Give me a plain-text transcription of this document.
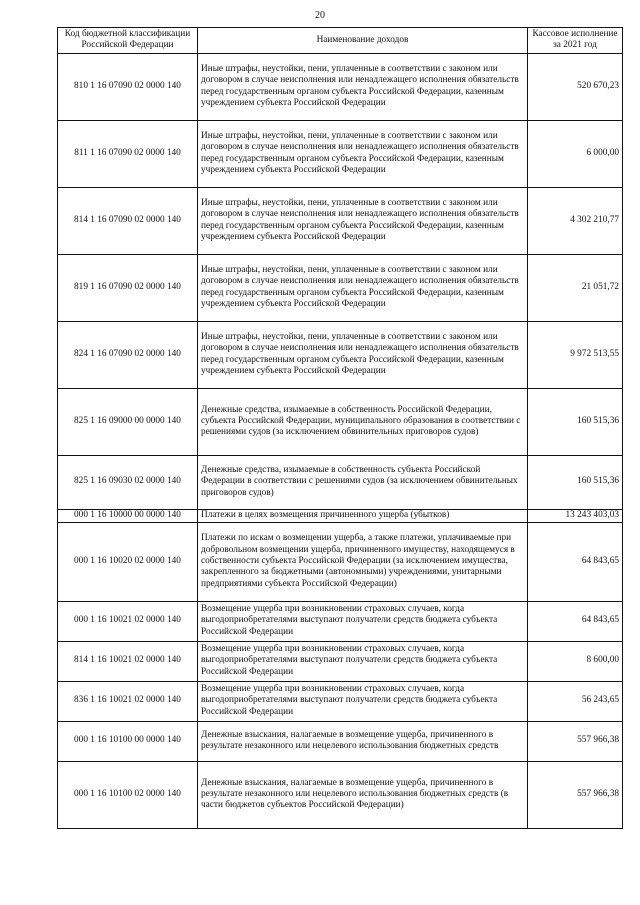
20
Код бюджетной классификации Российской Федерации	Наименование доходов	Кассовое исполнение за 2021 год
810 1 16 07090 02 0000 140	Иные штрафы, неустойки, пени, уплаченные в соответствии с законом или договором в случае неисполнения или ненадлежащего исполнения обязательств перед государственным органом субъекта Российской Федерации, казенным учреждением субъекта Российской Федерации	520 670,23
811 1 16 07090 02 0000 140	Иные штрафы, неустойки, пени, уплаченные в соответствии с законом или договором в случае неисполнения или ненадлежащего исполнения обязательств перед государственным органом субъекта Российской Федерации, казенным учреждением субъекта Российской Федерации	6 000,00
814 1 16 07090 02 0000 140	Иные штрафы, неустойки, пени, уплаченные в соответствии с законом или договором в случае неисполнения или ненадлежащего исполнения обязательств перед государственным органом субъекта Российской Федерации, казенным учреждением субъекта Российской Федерации	4 302 210,77
819 1 16 07090 02 0000 140	Иные штрафы, неустойки, пени, уплаченные в соответствии с законом или договором в случае неисполнения или ненадлежащего исполнения обязательств перед государственным органом субъекта Российской Федерации, казенным учреждением субъекта Российской Федерации	21 051,72
824 1 16 07090 02 0000 140	Иные штрафы, неустойки, пени, уплаченные в соответствии с законом или договором в случае неисполнения или ненадлежащего исполнения обязательств перед государственным органом субъекта Российской Федерации, казенным учреждением субъекта Российской Федерации	9 972 513,55
825 1 16 09000 00 0000 140	Денежные средства, изымаемые в собственность Российской Федерации, субъекта Российской Федерации, муниципального образования в соответствии с решениями судов (за исключением обвинительных приговоров судов)	160 515,36
825 1 16 09030 02 0000 140	Денежные средства, изымаемые в собственность субъекта Российской Федерации в соответствии с решениями судов (за исключением обвинительных приговоров судов)	160 515,36
000 1 16 10000 00 0000 140	Платежи в целях возмещения причиненного ущерба (убытков)	13 243 403,03
000 1 16 10020 02 0000 140	Платежи по искам о возмещении ущерба, а также платежи, уплачиваемые при добровольном возмещении ущерба, причиненного имуществу, находящемуся в собственности субъекта Российской Федерации (за исключением имущества, закрепленного за бюджетными (автономными) учреждениями, унитарными предприятиями субъекта Российской Федерации)	64 843,65
000 1 16 10021 02 0000 140	Возмещение ущерба при возникновении страховых случаев, когда выгодоприобретателями выступают получатели средств бюджета субъекта Российской Федерации	64 843,65
814 1 16 10021 02 0000 140	Возмещение ущерба при возникновении страховых случаев, когда выгодоприобретателями выступают получатели средств бюджета субъекта Российской Федерации	8 600,00
836 1 16 10021 02 0000 140	Возмещение ущерба при возникновении страховых случаев, когда выгодоприобретателями выступают получатели средств бюджета субъекта Российской Федерации	56 243,65
000 1 16 10100 00 0000 140	Денежные взыскания, налагаемые в возмещение ущерба, причиненного в результате незаконного или нецелевого использования бюджетных средств	557 966,38
000 1 16 10100 02 0000 140	Денежные взыскания, налагаемые в возмещение ущерба, причиненного в результате незаконного или нецелевого использования бюджетных средств (в части бюджетов субъектов Российской Федерации)	557 966,38
